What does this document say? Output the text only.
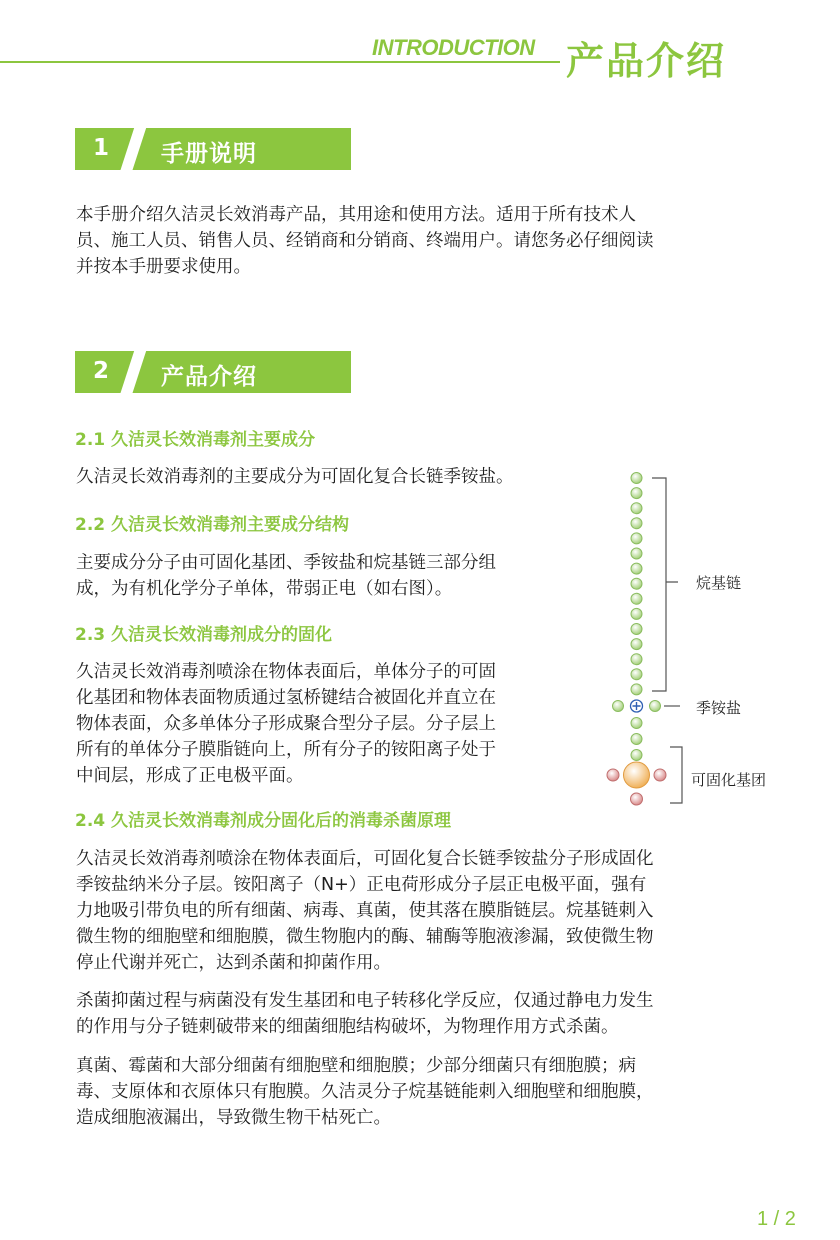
INTRODUCTION 产品介绍
1 手册说明

本手册介绍久洁灵长效消毒产品，其用途和使用方法。适用于所有技术人
员、施工人员、销售人员、经销商和分销商、终端用户。请您务必仔细阅读
并按本手册要求使用。

2 产品介绍
2.1 久洁灵长效消毒剂主要成分

久洁灵长效消毒剂的主要成分为可固化复合长链季铵盐。

2.2 久洁灵长效消毒剂主要成分结构

主要成分分子由可固化基团、季铵盐和烷基链三部分组
成，为有机化学分子单体，带弱正电（如右图）。

2.3 久洁灵长效消毒剂成分的固化

久洁灵长效消毒剂喷涂在物体表面后，单体分子的可固
化基团和物体表面物质通过氢桥键结合被固化并直立在
物体表面，众多单体分子形成聚合型分子层。分子层上
所有的单体分子膜脂链向上，所有分子的铵阳离子处于
中间层，形成了正电极平面。

2.4 久洁灵长效消毒剂成分固化后的消毒杀菌原理

久洁灵长效消毒剂喷涂在物体表面后，可固化复合长链季铵盐分子形成固化
季铵盐纳米分子层。铵阳离子（N+）正电荷形成分子层正电极平面，强有
力地吸引带负电的所有细菌、病毒、真菌，使其落在膜脂链层。烷基链刺入
微生物的细胞壁和细胞膜，微生物胞内的酶、辅酶等胞液渗漏，致使微生物
停止代谢并死亡，达到杀菌和抑菌作用。

杀菌抑菌过程与病菌没有发生基团和电子转移化学反应，仅通过静电力发生
的作用与分子链刺破带来的细菌细胞结构破坏，为物理作用方式杀菌。

真菌、霉菌和大部分细菌有细胞壁和细胞膜；少部分细菌只有细胞膜；病
毒、支原体和衣原体只有胞膜。久洁灵分子烷基链能刺入细胞壁和细胞膜，
造成细胞液漏出，导致微生物干枯死亡。

烷基链
季铵盐
可固化基团
1 / 2
